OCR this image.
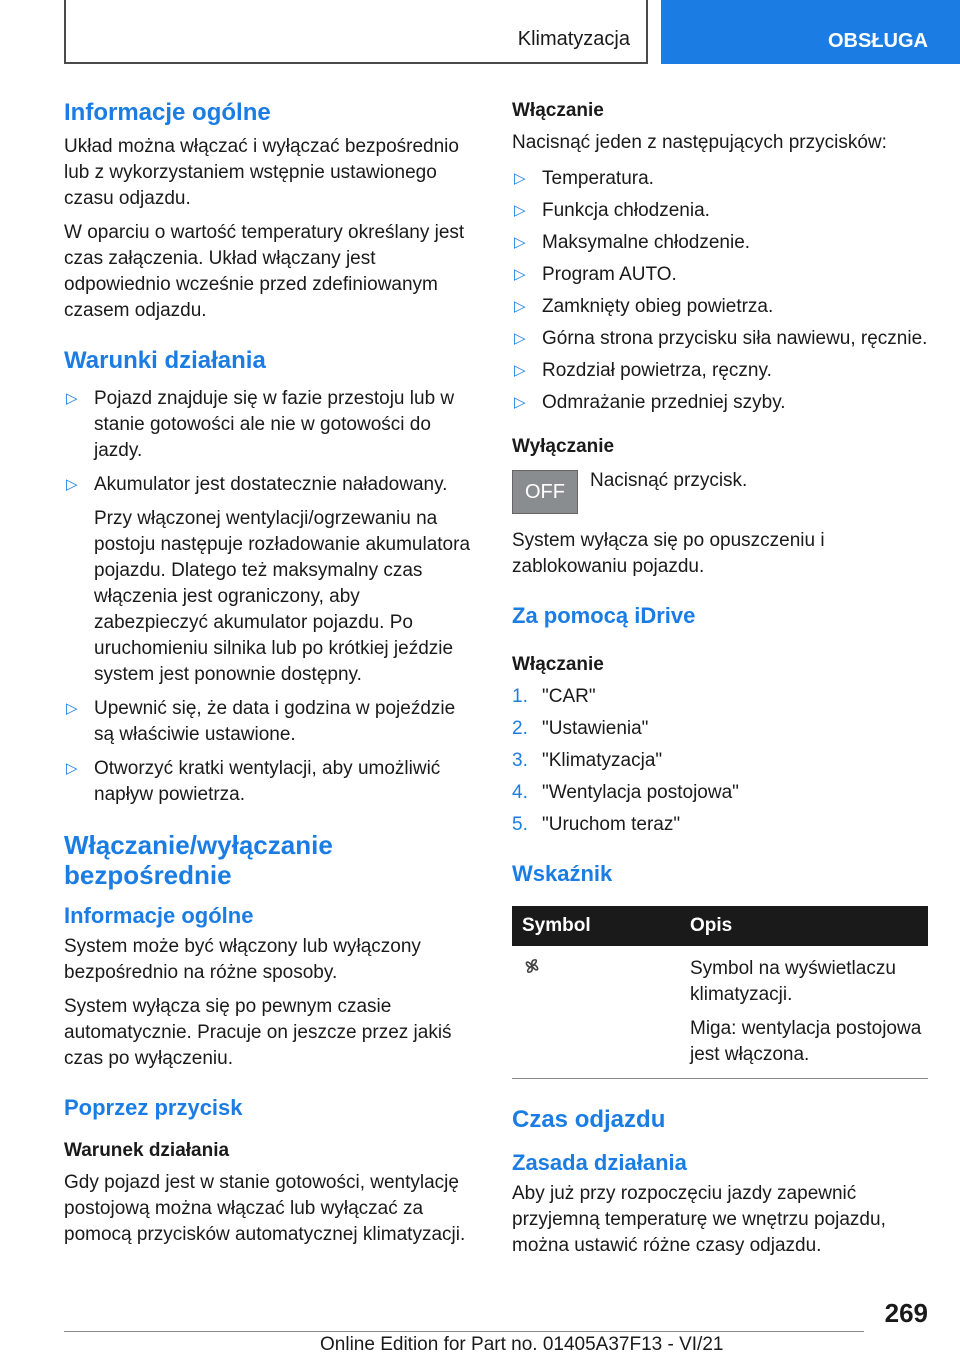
Klimatyzacja	OBSŁUGA
Informacje ogólne

Układ można włączać i wyłączać bezpośrednio lub z wykorzystaniem wstępnie ustawionego czasu odjazdu.

W oparciu o wartość temperatury określany jest czas załączenia. Układ włączany jest odpowiednio wcześnie przed zdefiniowanym czasem odjazdu.

Warunki działania
▷ Pojazd znajduje się w fazie przestoju lub w stanie gotowości ale nie w gotowości do jazdy.
▷ Akumulator jest dostatecznie naładowany.

Przy włączonej wentylacji/ogrzewaniu na postoju następuje rozładowanie akumulatora pojazdu. Dlatego też maksymalny czas włączenia jest ograniczony, aby zabezpieczyć akumulator pojazdu. Po uruchomieniu silnika lub po krótkiej jeździe system jest ponownie dostępny.

▷ Upewnić się, że data i godzina w pojeździe są właściwie ustawione.
▷ Otworzyć kratki wentylacji, aby umożliwić napływ powietrza.
Włączanie/wyłączanie bezpośrednie
Informacje ogólne

System może być włączony lub wyłączony bezpośrednio na różne sposoby.

System wyłącza się po pewnym czasie automatycznie. Pracuje on jeszcze przez jakiś czas po wyłączeniu.

Poprzez przycisk

Warunek działania

Gdy pojazd jest w stanie gotowości, wentylację postojową można włączać lub wyłączać za pomocą przycisków automatycznej klimatyzacji.

Włączanie

Nacisnąć jeden z następujących przycisków:

▷ Temperatura.
▷ Funkcja chłodzenia.
▷ Maksymalne chłodzenie.
▷ Program AUTO.
▷ Zamknięty obieg powietrza.
▷ Górna strona przycisku siła nawiewu, ręcznie.
▷ Rozdział powietrza, ręczny.
▷ Odmrażanie przedniej szyby.

Wyłączanie

OFF	Nacisnąć przycisk.

System wyłącza się po opuszczeniu i zablokowaniu pojazdu.

Za pomocą iDrive

Włączanie

1. "CAR"
2. "Ustawienia"
3. "Klimatyzacja"
4. "Wentylacja postojowa"
5. "Uruchom teraz"
Wskaźnik
Symbol	Opis

Symbol na wyświetlaczu klimatyzacji.

Miga: wentylacja postojowa jest włączona.

Czas odjazdu
Zasada działania

Aby już przy rozpoczęciu jazdy zapewnić przyjemną temperaturę we wnętrzu pojazdu, można ustawić różne czasy odjazdu.

269
Online Edition for Part no. 01405A37F13 - VI/21
